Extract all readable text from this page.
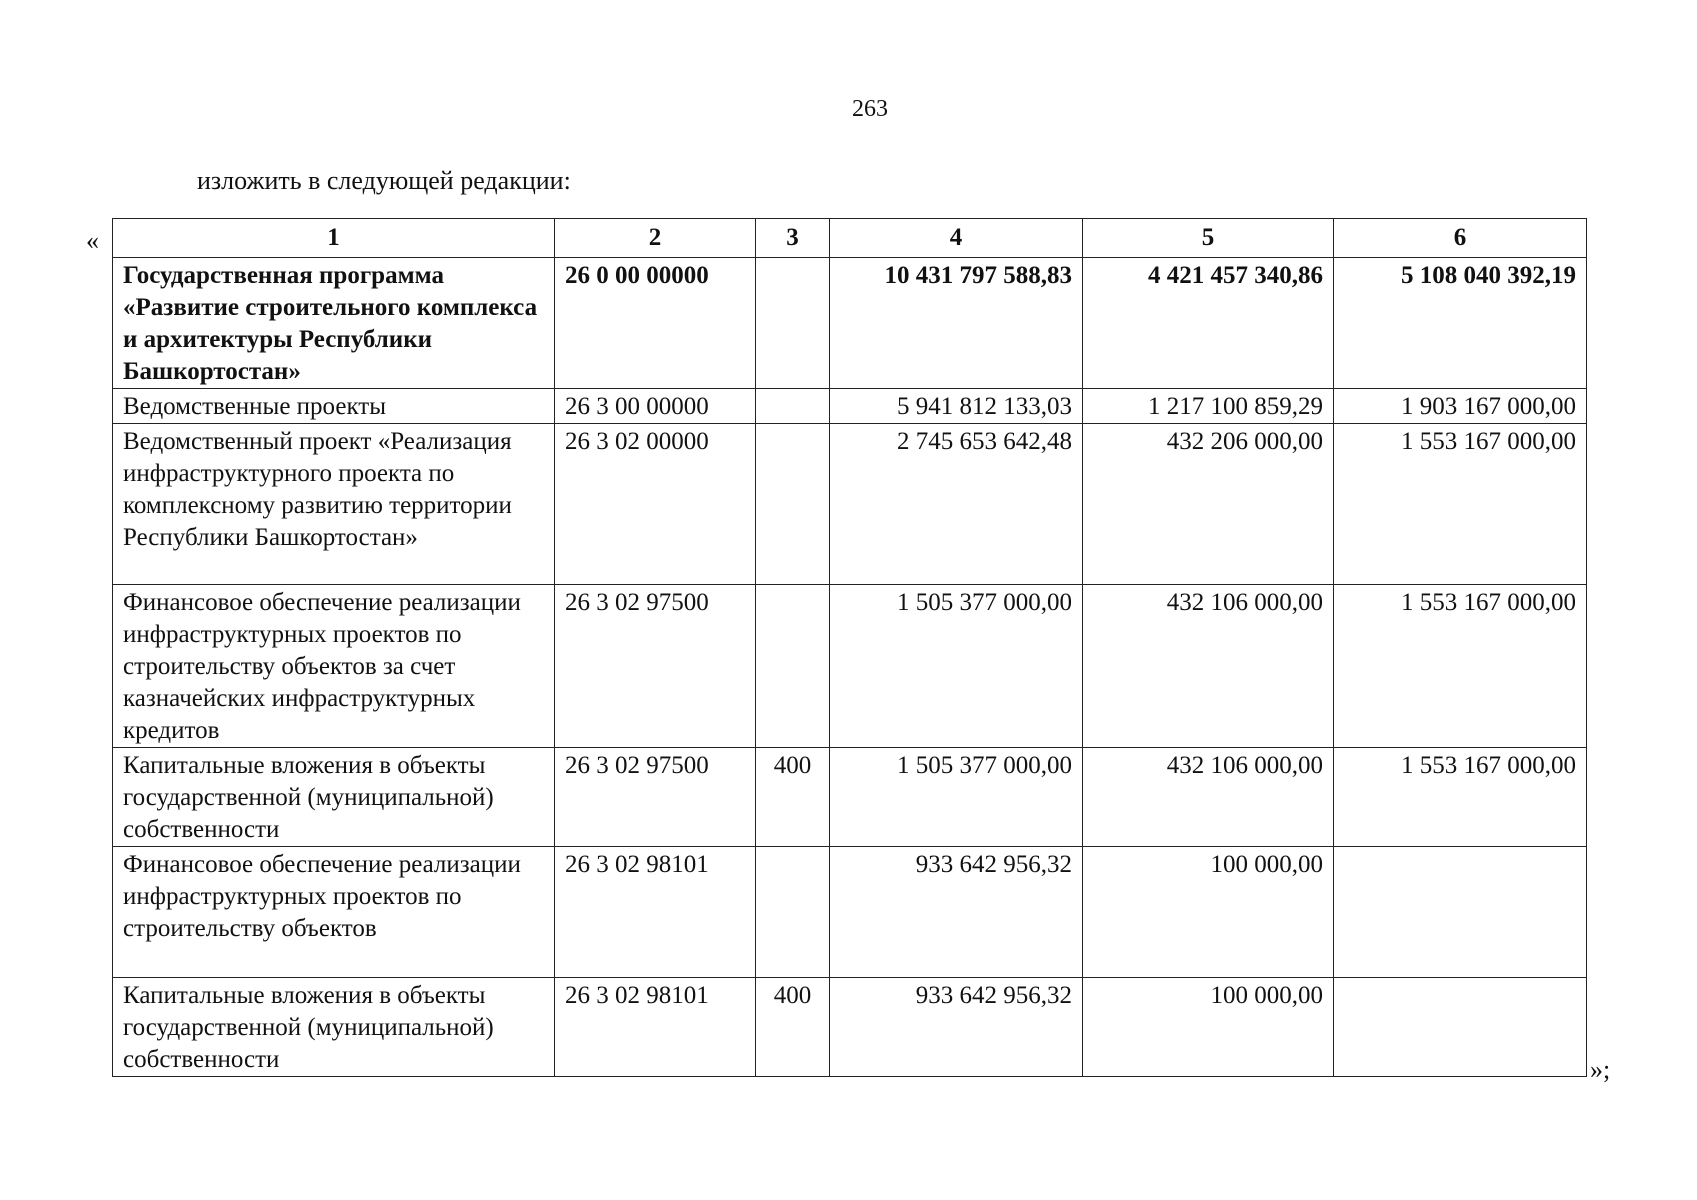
263
изложить в следующей редакции:
«	1	2	3	4	5	6
Государственная программа «Развитие строительного комплекса и архитектуры Республики Башкортостан»	26 0 00 00000		10 431 797 588,83	4 421 457 340,86	5 108 040 392,19
Ведомственные проекты	26 3 00 00000		5 941 812 133,03	1 217 100 859,29	1 903 167 000,00
Ведомственный проект «Реализация инфраструктурного проекта по комплексному развитию территории Республики Башкортостан»	26 3 02 00000		2 745 653 642,48	432 206 000,00	1 553 167 000,00
Финансовое обеспечение реализации инфраструктурных проектов по строительству объектов за счет казначейских инфраструктурных кредитов	26 3 02 97500		1 505 377 000,00	432 106 000,00	1 553 167 000,00
Капитальные вложения в объекты государственной (муниципальной) собственности	26 3 02 97500	400	1 505 377 000,00	432 106 000,00	1 553 167 000,00
Финансовое обеспечение реализации инфраструктурных проектов по строительству объектов	26 3 02 98101		933 642 956,32	100 000,00	
Капитальные вложения в объекты государственной (муниципальной) собственности	26 3 02 98101	400	933 642 956,32	100 000,00	
»;
